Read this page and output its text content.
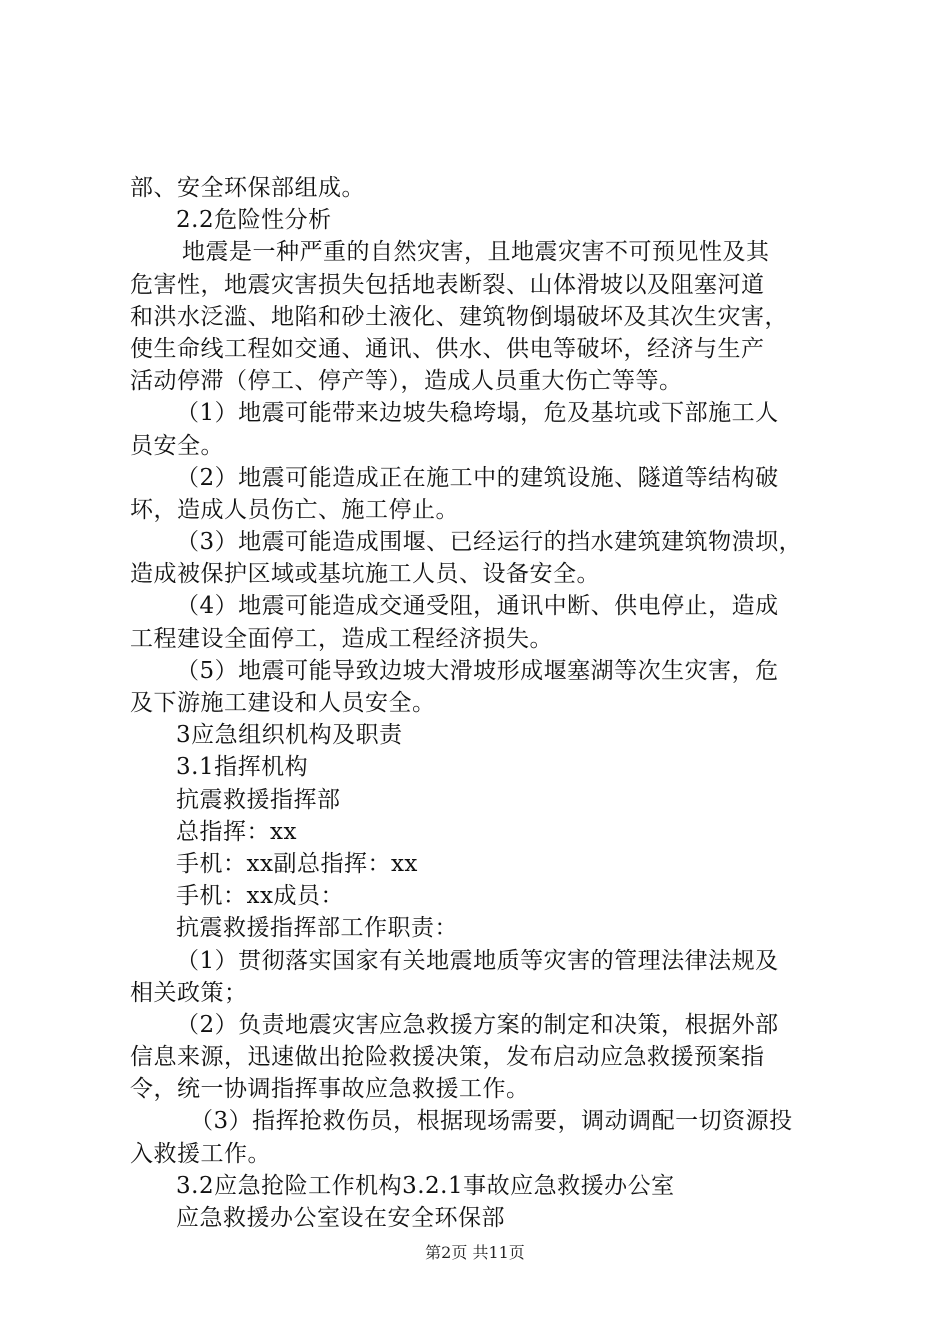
部、安全环保部组成。
2.2危险性分析
地震是一种严重的自然灾害，且地震灾害不可预见性及其
危害性，地震灾害损失包括地表断裂、山体滑坡以及阻塞河道
和洪水泛滥、地陷和砂土液化、建筑物倒塌破坏及其次生灾害，
使生命线工程如交通、通讯、供水、供电等破坏，经济与生产
活动停滞（停工、停产等），造成人员重大伤亡等等。
（1）地震可能带来边坡失稳垮塌，危及基坑或下部施工人
员安全。
（2）地震可能造成正在施工中的建筑设施、隧道等结构破
坏，造成人员伤亡、施工停止。
（3）地震可能造成围堰、已经运行的挡水建筑建筑物溃坝，
造成被保护区域或基坑施工人员、设备安全。
（4）地震可能造成交通受阻，通讯中断、供电停止，造成
工程建设全面停工，造成工程经济损失。
（5）地震可能导致边坡大滑坡形成堰塞湖等次生灾害，危
及下游施工建设和人员安全。
3应急组织机构及职责
3.1指挥机构
抗震救援指挥部
总指挥：xx
手机：xx副总指挥：xx
手机：xx成员：
抗震救援指挥部工作职责：
（1）贯彻落实国家有关地震地质等灾害的管理法律法规及
相关政策；
（2）负责地震灾害应急救援方案的制定和决策，根据外部
信息来源，迅速做出抢险救援决策，发布启动应急救援预案指
令，统一协调指挥事故应急救援工作。
（3）指挥抢救伤员，根据现场需要，调动调配一切资源投
入救援工作。
3.2应急抢险工作机构3.2.1事故应急救援办公室
应急救援办公室设在安全环保部
第2页 共11页
